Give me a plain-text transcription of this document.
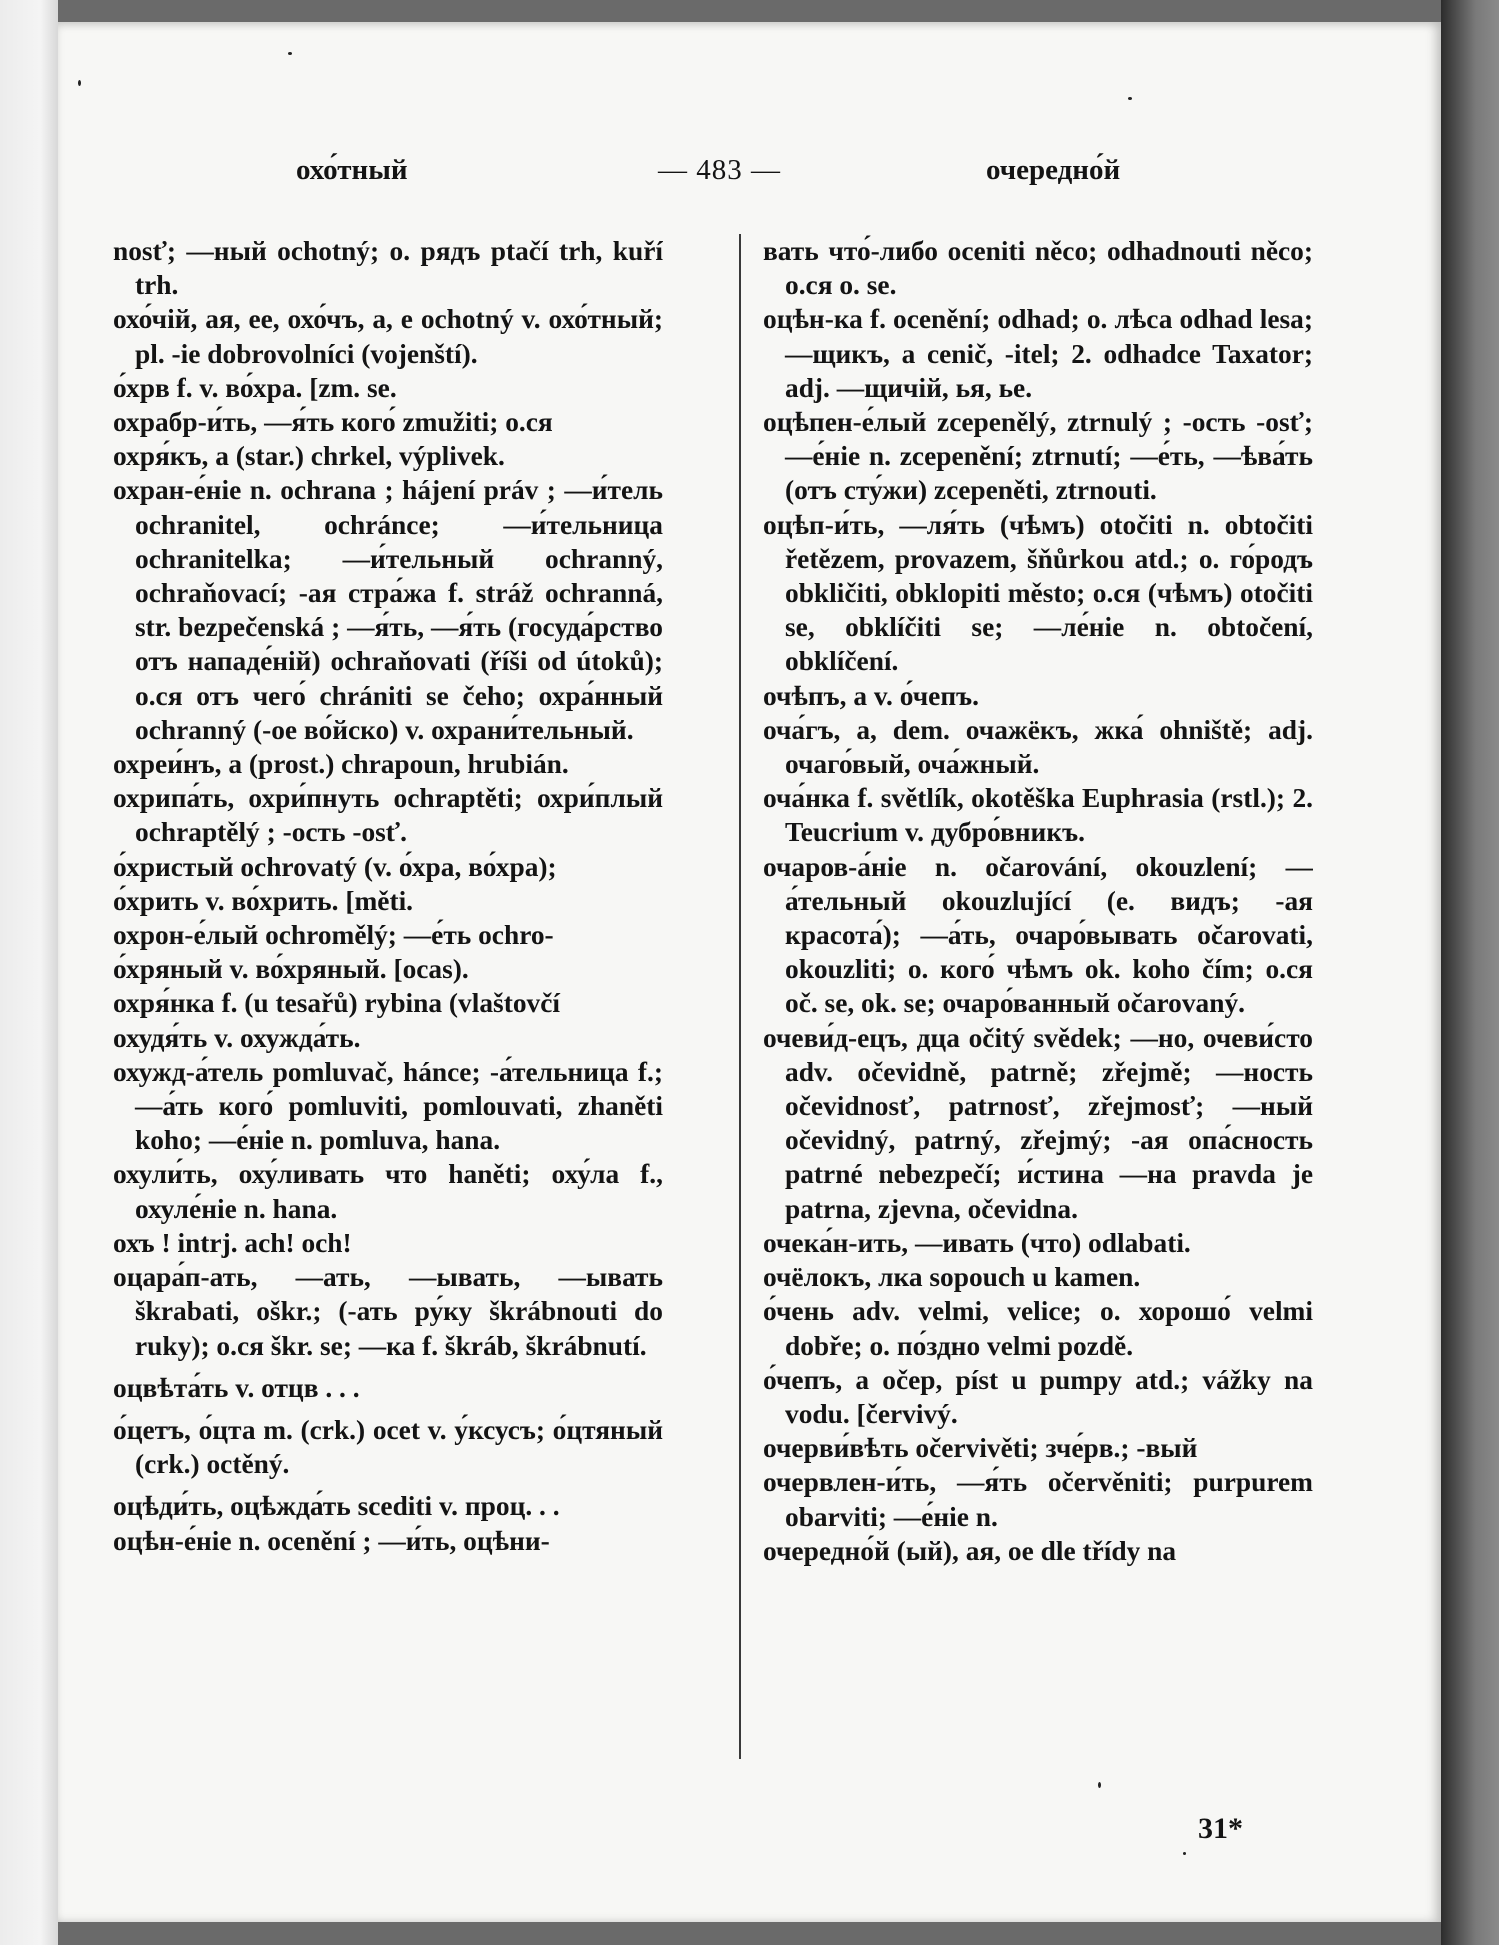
охо́тный	— 483 —	очередно́й

nosť; —ный ochotný; o. рядъ ptačí trh, kuří trh.

охо́чій, ая, ее, охо́чъ, а, е ochotný v. охо́тный; pl. -ie dobrovolníci (vojenští).

о́хрв f. v. во́хра. [zm. se.

охрабр-и́ть, —я́ть кого́ zmužiti; o.ся

охря́къ, a (star.) chrkel, výplivek.

охран-е́ніе n. ochrana ; hájení práv ; —и́тель ochranitel, ochránce; —и́тельница ochranitelka; —и́тельный ochranný, ochraňovací; -ая стра́жа f. stráž ochranná, str. bezpečenská ; —я́ть, —я́ть (госуда́рство отъ нападе́ній) ochraňovati (říši od útoků); o.ся отъ чего́ chrániti se čeho; охра́нный ochranný (-ое во́йско) v. охрани́тельный.

охреи́нъ, a (prost.) chrapoun, hrubián.

охрипа́ть, охри́пнуть ochraptěti; охри́плый ochraptělý ; -ость -osť.

о́христый ochrovatý (v. о́хра, во́хра);

о́хрить v. во́хрить. [měti.

охрон-е́лый ochromělý; —е́ть ochro-

о́хряный v. во́хряный. [ocas).

охря́нка f. (u tesařů) rybina (vlaštovčí

охудя́ть v. охужда́ть.

охужд-а́тель pomluvač, hánce; -а́тельница f.; —а́ть кого́ pomluviti, pomlouvati, zhaněti koho; —е́ніе n. pomluva, hana.

охули́ть, оху́ливать что haněti; оху́ла f., охуле́ніе n. hana.

охъ ! intrj. ach! och!

оцара́п-ать, —ать, —ывать, —ывать škrabati, oškr.; (-ать ру́ку škrábnouti do ruky); o.ся škr. se; —ка f. škráb, škrábnutí.

оцвѣта́ть v. отцв . . .

о́цетъ, о́цта m. (crk.) ocet v. у́ксусъ; о́цтяный (crk.) octěný.

оцѣди́ть, оцѣжда́ть scediti v. проц. . .

оцѣн-е́ніе n. ocenění ; —и́ть, оцѣни-

вать что́-либо oceniti něco; odhadnouti něco; o.ся o. se.

оцѣн-ка f. ocenění; odhad; o. лѣса odhad lesa; —щикъ, a cenič, -itel; 2. odhadce Taxator; adj. —щичій, ья, ье.

оцѣпен-е́лый zcepenělý, ztrnulý ; -ость -osť; —е́ніе n. zcepenění; ztrnutí; —е́ть, —ѣва́ть (отъ сту́жи) zcepeněti, ztrnouti.

оцѣп-и́ть, —ля́ть (чѣмъ) otočiti n. obtočiti řetězem, provazem, šňůrkou atd.; o. го́родъ obkličiti, obklopiti město; o.ся (чѣмъ) otočiti se, obklíčiti se; —ле́ніе n. obtočení, obklíčení.

очѣпъ, a v. о́чепъ.

оча́гъ, a, dem. очажёкъ, жка́ ohniště; adj. очаго́вый, оча́жный.

оча́нка f. světlík, okotěška Euphrasia (rstl.); 2. Teucrium v. дубро́вникъ.

очаров-а́ніе n. očarování, okouzlení; —а́тельный okouzlující (e. видъ; -ая красота́); —а́ть, очаро́вывать očarovati, okouzliti; o. кого́ чѣмъ ok. koho čím; o.ся oč. se, ok. se; очаро́ванный očarovaný.

очеви́д-ецъ, дца očitý svědek; —но, очеви́сто adv. očevidně, patrně; zřejmě; —ность očevidnosť, patrnosť, zřejmosť; —ный očevidný, patrný, zřejmý; -ая опа́сность patrné nebezpečí; и́стина —на pravda je patrna, zjevna, očevidna.

очека́н-ить, —ивать (что) odlabati.

очёлокъ, лка sopouch u kamen.

о́чень adv. velmi, velice; о. хорошо́ velmi dobře; о. по́здно velmi pozdě.

о́чепъ, a očep, píst u pumpy atd.; vážky na vodu. [červivý.

очерви́вѣть očervivěti; зче́рв.; -вый

очервлен-и́ть, —я́ть očervěniti; purpurem obarviti; —е́ніе n.

очередно́й (ый), ая, ое dle třídy na

31*
